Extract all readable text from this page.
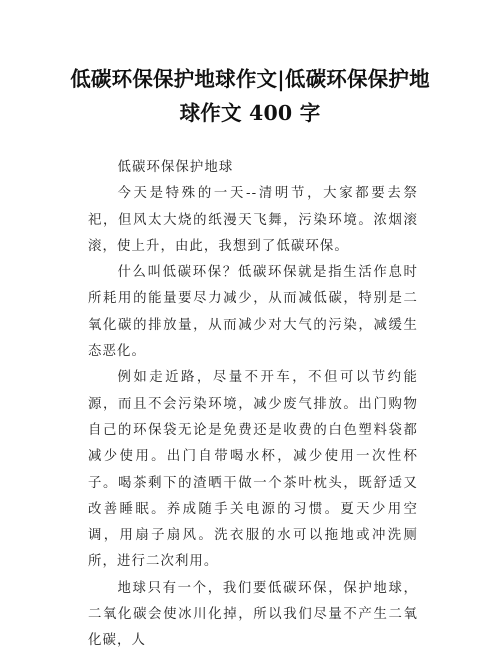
低碳环保保护地球作文|低碳环保保护地球作文 400 字

低碳环保保护地球

今天是特殊的一天--清明节，大家都要去祭祀，但风太大烧的纸漫天飞舞，污染环境。浓烟滚滚，使上升，由此，我想到了低碳环保。

什么叫低碳环保？低碳环保就是指生活作息时所耗用的能量要尽力减少，从而减低碳，特别是二氧化碳的排放量，从而减少对大气的污染，减缓生态恶化。

例如走近路，尽量不开车，不但可以节约能源，而且不会污染环境，减少废气排放。出门购物自己的环保袋无论是免费还是收费的白色塑料袋都减少使用。出门自带喝水杯，减少使用一次性杯子。喝茶剩下的渣晒干做一个茶叶枕头，既舒适又改善睡眠。养成随手关电源的习惯。夏天少用空调，用扇子扇风。洗衣服的水可以拖地或冲洗厕所，进行二次利用。

地球只有一个，我们要低碳环保，保护地球，二氧化碳会使冰川化掉，所以我们尽量不产生二氧化碳，人
